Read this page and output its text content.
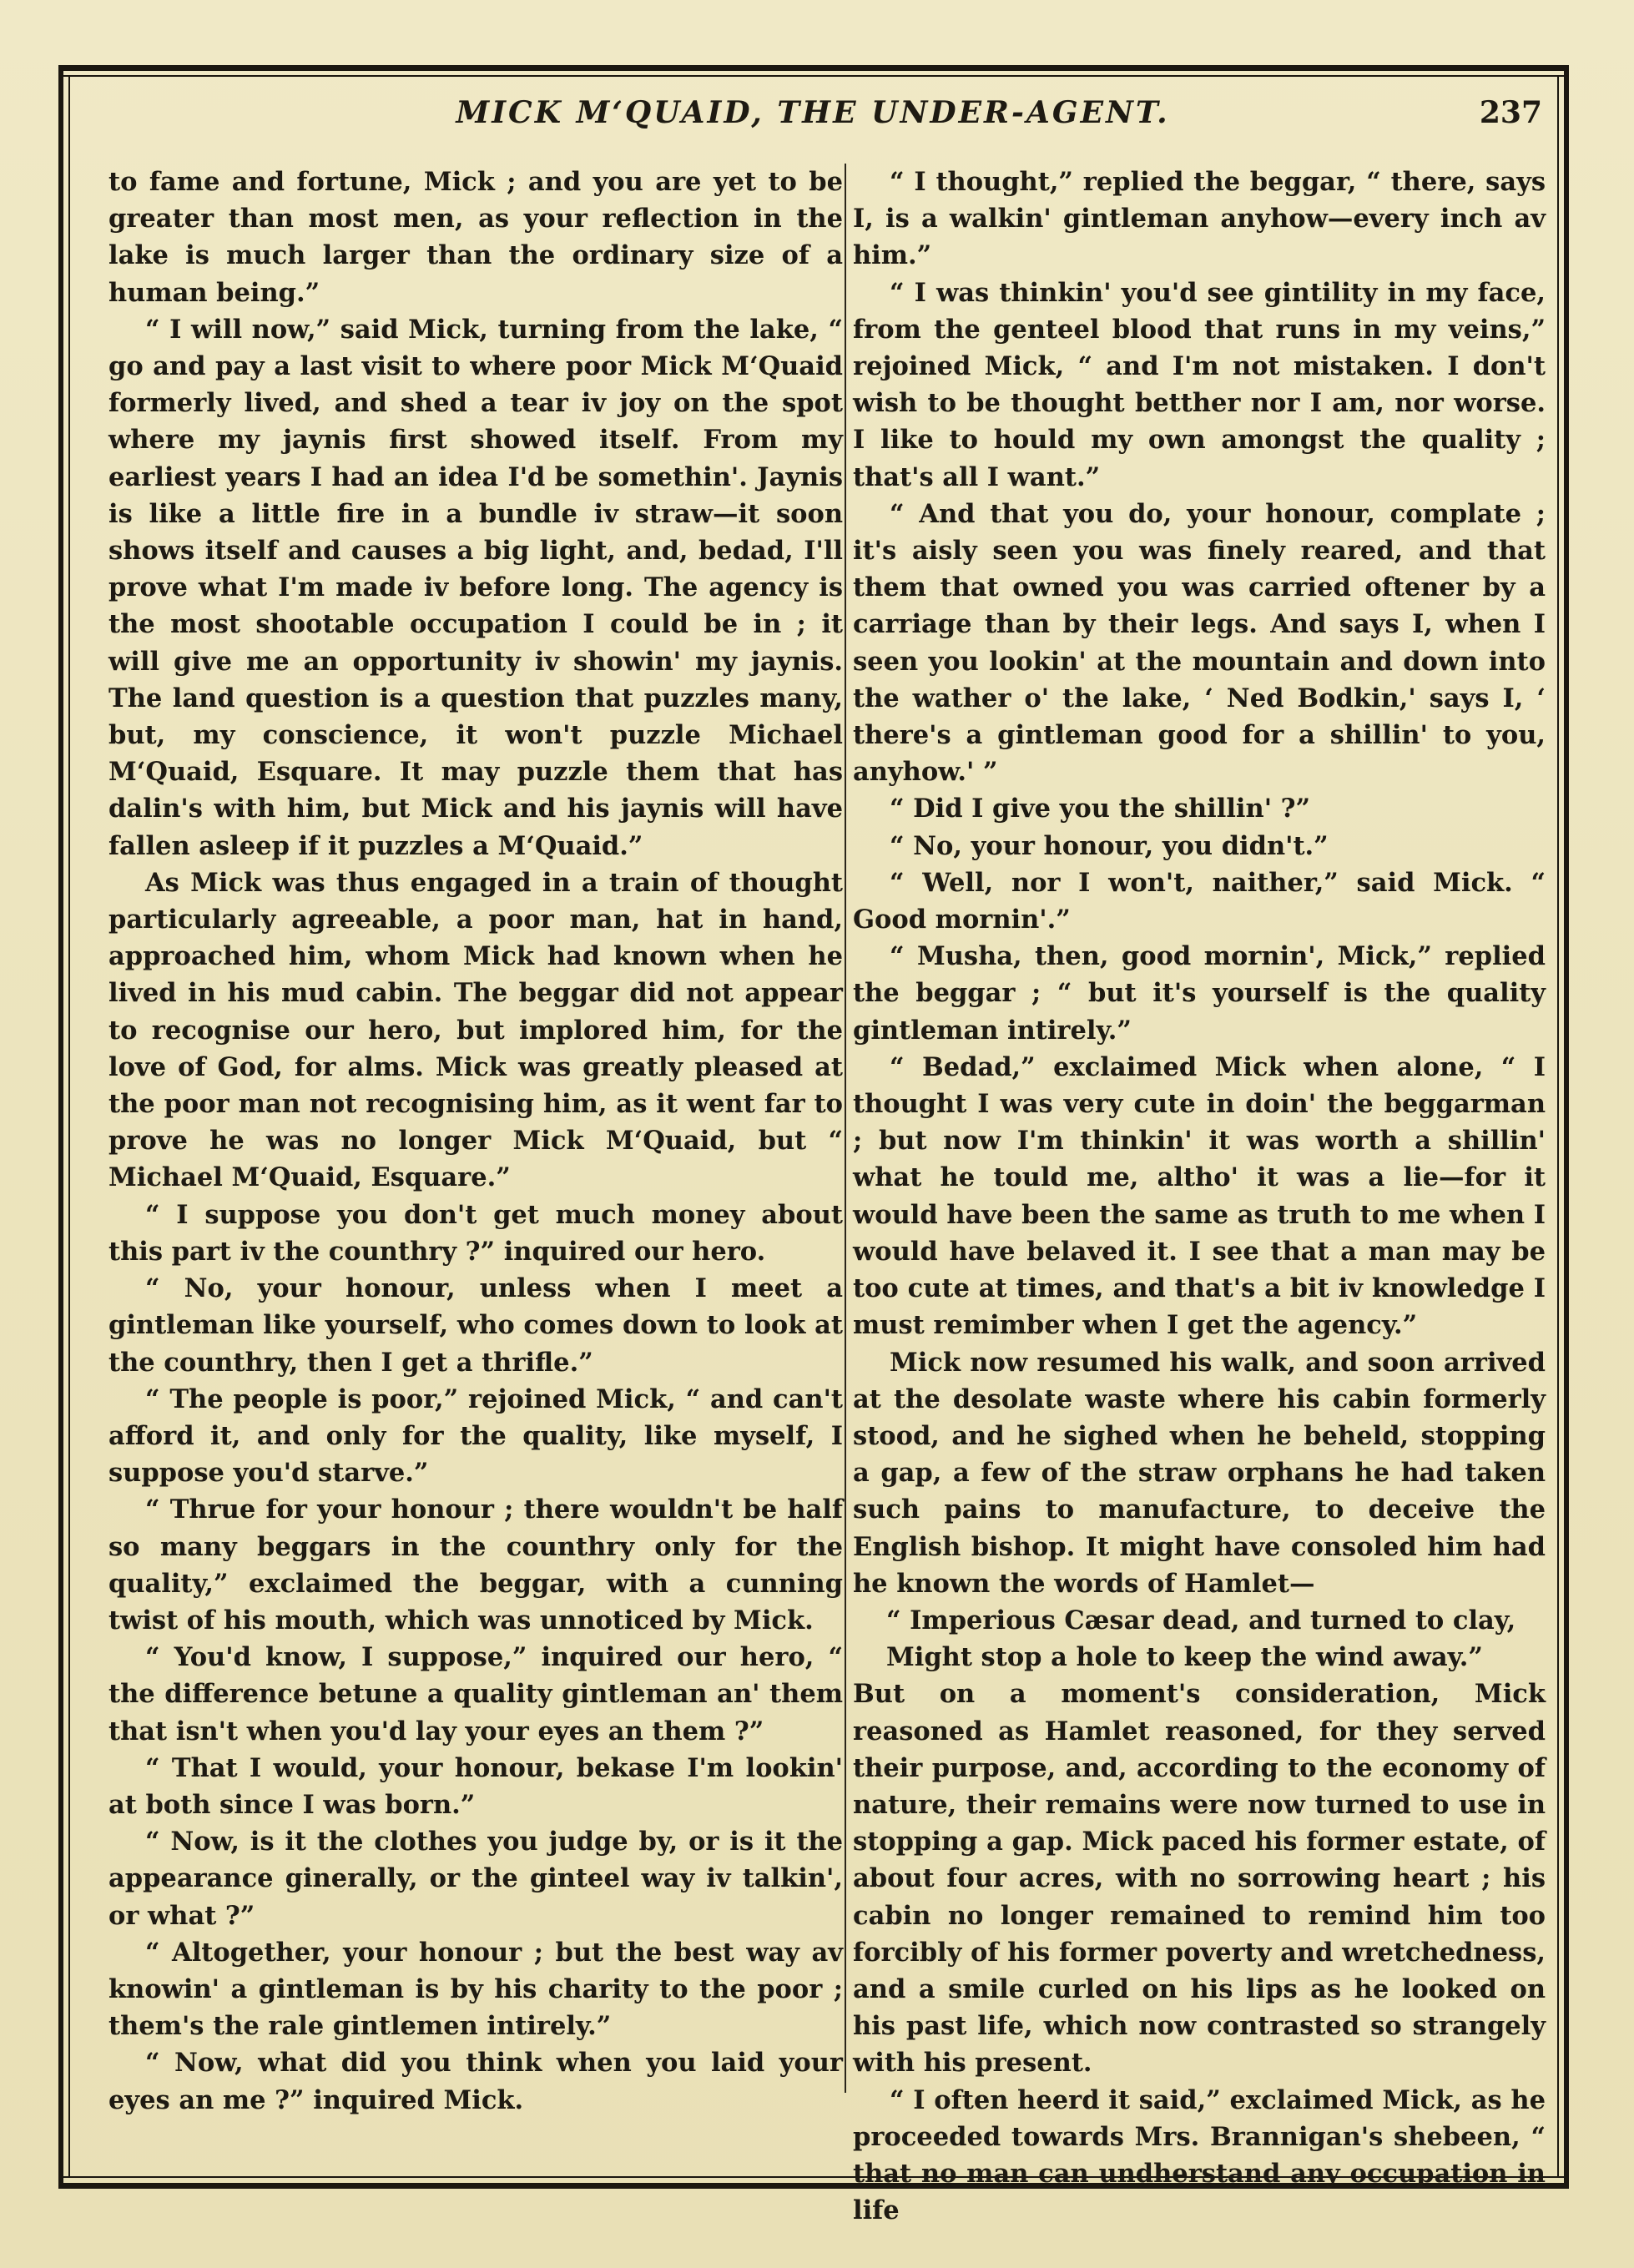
MICK M‘QUAID, THE UNDER-AGENT.	237

to fame and fortune, Mick ; and you are yet to be greater than most men, as your reflection in the lake is much larger than the ordinary size of a human being.”

“ I will now,” said Mick, turning from the lake, “ go and pay a last visit to where poor Mick M‘Quaid formerly lived, and shed a tear iv joy on the spot where my jaynis first showed itself. From my earliest years I had an idea I'd be somethin'. Jaynis is like a little fire in a bundle iv straw—it soon shows itself and causes a big light, and, bedad, I'll prove what I'm made iv before long. The agency is the most shootable occupation I could be in ; it will give me an opportunity iv showin' my jaynis. The land question is a question that puzzles many, but, my conscience, it won't puzzle Michael M‘Quaid, Esquare. It may puzzle them that has dalin's with him, but Mick and his jaynis will have fallen asleep if it puzzles a M‘Quaid.”

As Mick was thus engaged in a train of thought particularly agreeable, a poor man, hat in hand, approached him, whom Mick had known when he lived in his mud cabin. The beggar did not appear to recognise our hero, but implored him, for the love of God, for alms. Mick was greatly pleased at the poor man not recognising him, as it went far to prove he was no longer Mick M‘Quaid, but “ Michael M‘Quaid, Esquare.”

“ I suppose you don't get much money about this part iv the counthry ?” inquired our hero.

“ No, your honour, unless when I meet a gintleman like yourself, who comes down to look at the counthry, then I get a thrifle.”

“ The people is poor,” rejoined Mick, “ and can't afford it, and only for the quality, like myself, I suppose you'd starve.”

“ Thrue for your honour ; there wouldn't be half so many beggars in the counthry only for the quality,” exclaimed the beggar, with a cunning twist of his mouth, which was unnoticed by Mick.

“ You'd know, I suppose,” inquired our hero, “ the difference betune a quality gintleman an' them that isn't when you'd lay your eyes an them ?”

“ That I would, your honour, bekase I'm lookin' at both since I was born.”

“ Now, is it the clothes you judge by, or is it the appearance ginerally, or the ginteel way iv talkin', or what ?”

“ Altogether, your honour ; but the best way av knowin' a gintleman is by his charity to the poor ; them's the rale gintlemen intirely.”

“ Now, what did you think when you laid your eyes an me ?” inquired Mick.

“ I thought,” replied the beggar, “ there, says I, is a walkin' gintleman anyhow—every inch av him.”

“ I was thinkin' you'd see gintility in my face, from the genteel blood that runs in my veins,” rejoined Mick, “ and I'm not mistaken. I don't wish to be thought betther nor I am, nor worse. I like to hould my own amongst the quality ; that's all I want.”

“ And that you do, your honour, complate ; it's aisly seen you was finely reared, and that them that owned you was carried oftener by a carriage than by their legs. And says I, when I seen you lookin' at the mountain and down into the wather o' the lake, ‘ Ned Bodkin,' says I, ‘ there's a gintleman good for a shillin' to you, anyhow.' ”

“ Did I give you the shillin' ?”

“ No, your honour, you didn't.”

“ Well, nor I won't, naither,” said Mick. “ Good mornin'.”

“ Musha, then, good mornin', Mick,” replied the beggar ; “ but it's yourself is the quality gintleman intirely.”

“ Bedad,” exclaimed Mick when alone, “ I thought I was very cute in doin' the beggarman ; but now I'm thinkin' it was worth a shillin' what he tould me, altho' it was a lie—for it would have been the same as truth to me when I would have belaved it. I see that a man may be too cute at times, and that's a bit iv knowledge I must remimber when I get the agency.”

Mick now resumed his walk, and soon arrived at the desolate waste where his cabin formerly stood, and he sighed when he beheld, stopping a gap, a few of the straw orphans he had taken such pains to manufacture, to deceive the English bishop. It might have consoled him had he known the words of Hamlet—

“ Imperious Cæsar dead, and turned to clay,

Might stop a hole to keep the wind away.”

But on a moment's consideration, Mick reasoned as Hamlet reasoned, for they served their purpose, and, according to the economy of nature, their remains were now turned to use in stopping a gap. Mick paced his former estate, of about four acres, with no sorrowing heart ; his cabin no longer remained to remind him too forcibly of his former poverty and wretchedness, and a smile curled on his lips as he looked on his past life, which now contrasted so strangely with his present.

“ I often heerd it said,” exclaimed Mick, as he proceeded towards Mrs. Brannigan's shebeen, “ that no man can undherstand any occupation in life
